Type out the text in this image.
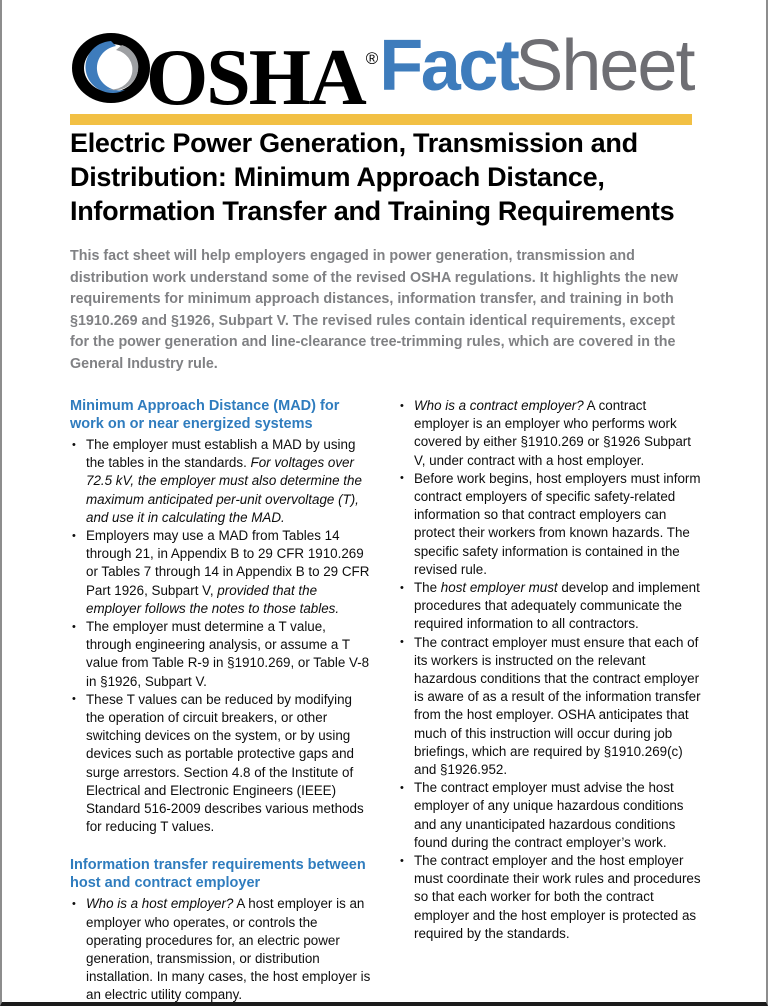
OSHA® Fact
Sheet
Electric Power Generation, Transmission and Distribution: Minimum Approach Distance, Information Transfer and Training Requirements

This fact sheet will help employers engaged in power generation, transmission and distribution work understand some of the revised OSHA regulations. It highlights the new requirements for minimum approach distances, information transfer, and training in both §1910.269 and §1926, Subpart V. The revised rules contain identical requirements, except for the power generation and line-clearance tree-trimming rules, which are covered in the General Industry rule.

Minimum Approach Distance (MAD) for work on or near energized systems
• The employer must establish a MAD by using the tables in the standards. For voltages over 72.5 kV, the employer must also determine the maximum anticipated per-unit overvoltage (T), and use it in calculating the MAD.
• Employers may use a MAD from Tables 14 through 21, in Appendix B to 29 CFR 1910.269 or Tables 7 through 14 in Appendix B to 29 CFR Part 1926, Subpart V, provided that the employer follows the notes to those tables.
• The employer must determine a T value, through engineering analysis, or assume a T value from Table R-9 in §1910.269, or Table V-8 in §1926, Subpart V.
• These T values can be reduced by modifying the operation of circuit breakers, or other switching devices on the system, or by using devices such as portable protective gaps and surge arrestors. Section 4.8 of the Institute of Electrical and Electronic Engineers (IEEE) Standard 516-2009 describes various methods for reducing T values.
Information transfer requirements between host and contract employer
• Who is a host employer? A host employer is an employer who operates, or controls the operating procedures for, an electric power generation, transmission, or distribution installation. In many cases, the host employer is an electric utility company.
• Who is a contract employer? A contract employer is an employer who performs work covered by either §1910.269 or §1926 Subpart V, under contract with a host employer.
• Before work begins, host employers must inform contract employers of specific safety-related information so that contract employers can protect their workers from known hazards. The specific safety information is contained in the revised rule.
• The host employer must develop and implement procedures that adequately communicate the required information to all contractors.
• The contract employer must ensure that each of its workers is instructed on the relevant hazardous conditions that the contract employer is aware of as a result of the information transfer from the host employer. OSHA anticipates that much of this instruction will occur during job briefings, which are required by §1910.269(c) and §1926.952.
• The contract employer must advise the host employer of any unique hazardous conditions and any unanticipated hazardous conditions found during the contract employer’s work.
• The contract employer and the host employer must coordinate their work rules and procedures so that each worker for both the contract employer and the host employer is protected as required by the standards.
